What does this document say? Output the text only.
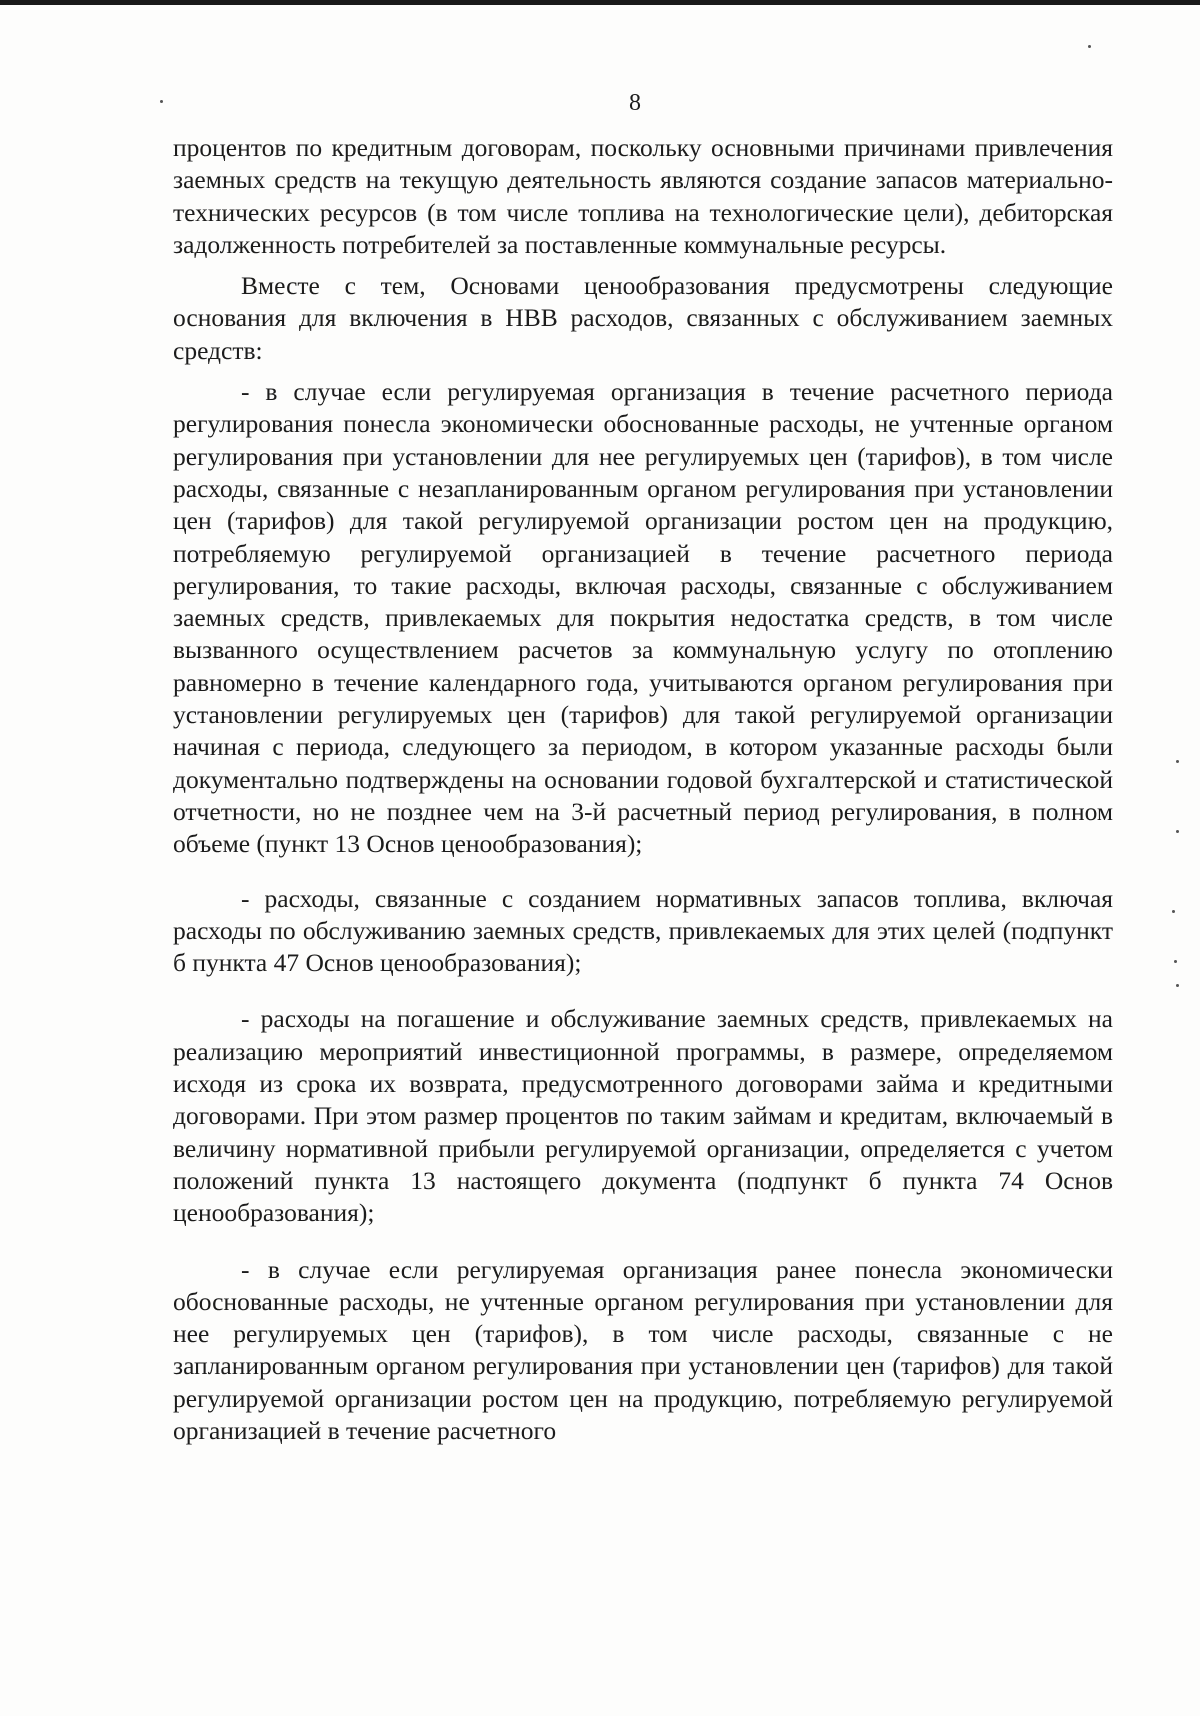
8

процентов по кредитным договорам, поскольку основными причинами привлечения заемных средств на текущую деятельность являются создание запасов материально-технических ресурсов (в том числе топлива на технологические цели), дебиторская задолженность потребителей за поставленные коммунальные ресурсы.

Вместе с тем, Основами ценообразования предусмотрены следующие основания для включения в НВВ расходов, связанных с обслуживанием заемных средств:

- в случае если регулируемая организация в течение расчетного периода регулирования понесла экономически обоснованные расходы, не учтенные органом регулирования при установлении для нее регулируемых цен (тарифов), в том числе расходы, связанные с незапланированным органом регулирования при установлении цен (тарифов) для такой регулируемой организации ростом цен на продукцию, потребляемую регулируемой организацией в течение расчетного периода регулирования, то такие расходы, включая расходы, связанные с обслуживанием заемных средств, привлекаемых для покрытия недостатка средств, в том числе вызванного осуществлением расчетов за коммунальную услугу по отоплению равномерно в течение календарного года, учитываются органом регулирования при установлении регулируемых цен (тарифов) для такой регулируемой организации начиная с периода, следующего за периодом, в котором указанные расходы были документально подтверждены на основании годовой бухгалтерской и статистической отчетности, но не позднее чем на 3-й расчетный период регулирования, в полном объеме (пункт 13 Основ ценообразования);

- расходы, связанные с созданием нормативных запасов топлива, включая расходы по обслуживанию заемных средств, привлекаемых для этих целей (подпункт б пункта 47 Основ ценообразования);

- расходы на погашение и обслуживание заемных средств, привлекаемых на реализацию мероприятий инвестиционной программы, в размере, определяемом исходя из срока их возврата, предусмотренного договорами займа и кредитными договорами. При этом размер процентов по таким займам и кредитам, включаемый в величину нормативной прибыли регулируемой организации, определяется с учетом положений пункта 13 настоящего документа (подпункт б пункта 74 Основ ценообразования);

- в случае если регулируемая организация ранее понесла экономически обоснованные расходы, не учтенные органом регулирования при установлении для нее регулируемых цен (тарифов), в том числе расходы, связанные с не запланированным органом регулирования при установлении цен (тарифов) для такой регулируемой организации ростом цен на продукцию, потребляемую регулируемой организацией в течение расчетного
